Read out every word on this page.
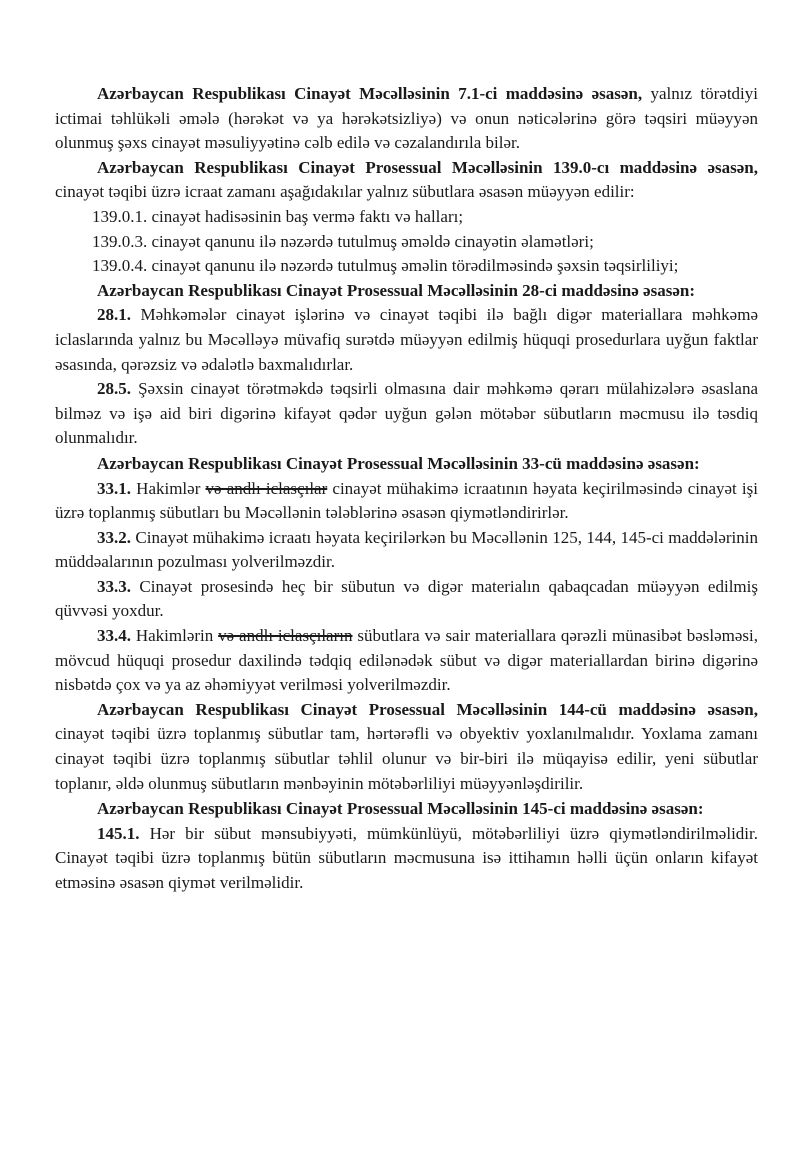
Azərbaycan Respublikası Cinayət Məcəlləsinin 7.1-ci maddəsinə əsasən, yalnız törətdiyi ictimai təhlükəli əmələ (hərəkət və ya hərəkətsizliyə) və onun nəticələrinə görə təqsiri müəyyən olunmuş şəxs cinayət məsuliyyətinə cəlb edilə və cəzalandırıla bilər.

Azərbaycan Respublikası Cinayət Prosessual Məcəlləsinin 139.0-cı maddəsinə əsasən, cinayət təqibi üzrə icraat zamanı aşağıdakılar yalnız sübutlara əsasən müəyyən edilir:

139.0.1. cinayət hadisəsinin baş vermə faktı və halları;

139.0.3. cinayət qanunu ilə nəzərdə tutulmuş əməldə cinayətin əlamətləri;

139.0.4. cinayət qanunu ilə nəzərdə tutulmuş əməlin törədilməsində şəxsin təqsirliliyi;

Azərbaycan Respublikası Cinayət Prosessual Məcəlləsinin 28-ci maddəsinə əsasən:

28.1. Məhkəmələr cinayət işlərinə və cinayət təqibi ilə bağlı digər materiallara məhkəmə iclaslarında yalnız bu Məcəlləyə müvafiq surətdə müəyyən edilmiş hüquqi prosedurlara uyğun faktlar əsasında, qərəzsiz və ədalətlə baxmalıdırlar.

28.5. Şəxsin cinayət törətməkdə təqsirli olmasına dair məhkəmə qərarı mülahizələrə əsaslana bilməz və işə aid biri digərinə kifayət qədər uyğun gələn mötəbər sübutların məcmusu ilə təsdiq olunmalıdır.

Azərbaycan Respublikası Cinayət Prosessual Məcəlləsinin 33-cü maddəsinə əsasən:

33.1. Hakimlər və andlı iclasçılar cinayət mühakimə icraatının həyata keçirilməsində cinayət işi üzrə toplanmış sübutları bu Məcəllənin tələblərinə əsasən qiymətləndirirlər.

33.2. Cinayət mühakimə icraatı həyata keçirilərkən bu Məcəllənin 125, 144, 145-ci maddələrinin müddəalarının pozulması yolverilməzdir.

33.3. Cinayət prosesində heç bir sübutun və digər materialın qabaqcadan müəyyən edilmiş qüvvəsi yoxdur.

33.4. Hakimlərin və andlı iclasçıların sübutlara və sair materiallara qərəzli münasibət bəsləməsi, mövcud hüquqi prosedur daxilində tədqiq edilənədək sübut və digər materiallardan birinə digərinə nisbətdə çox və ya az əhəmiyyət verilməsi yolverilməzdir.

Azərbaycan Respublikası Cinayət Prosessual Məcəlləsinin 144-cü maddəsinə əsasən, cinayət təqibi üzrə toplanmış sübutlar tam, hərtərəfli və obyektiv yoxlanılmalıdır. Yoxlama zamanı cinayət təqibi üzrə toplanmış sübutlar təhlil olunur və bir-biri ilə müqayisə edilir, yeni sübutlar toplanır, əldə olunmuş sübutların mənbəyinin mötəbərliliyi müəyyənləşdirilir.

Azərbaycan Respublikası Cinayət Prosessual Məcəlləsinin 145-ci maddəsinə əsasən:

145.1. Hər bir sübut mənsubiyyəti, mümkünlüyü, mötəbərliliyi üzrə qiymətləndirilməlidir. Cinayət təqibi üzrə toplanmış bütün sübutların məcmusuna isə ittihamın həlli üçün onların kifayət etməsinə əsasən qiymət verilməlidir.
